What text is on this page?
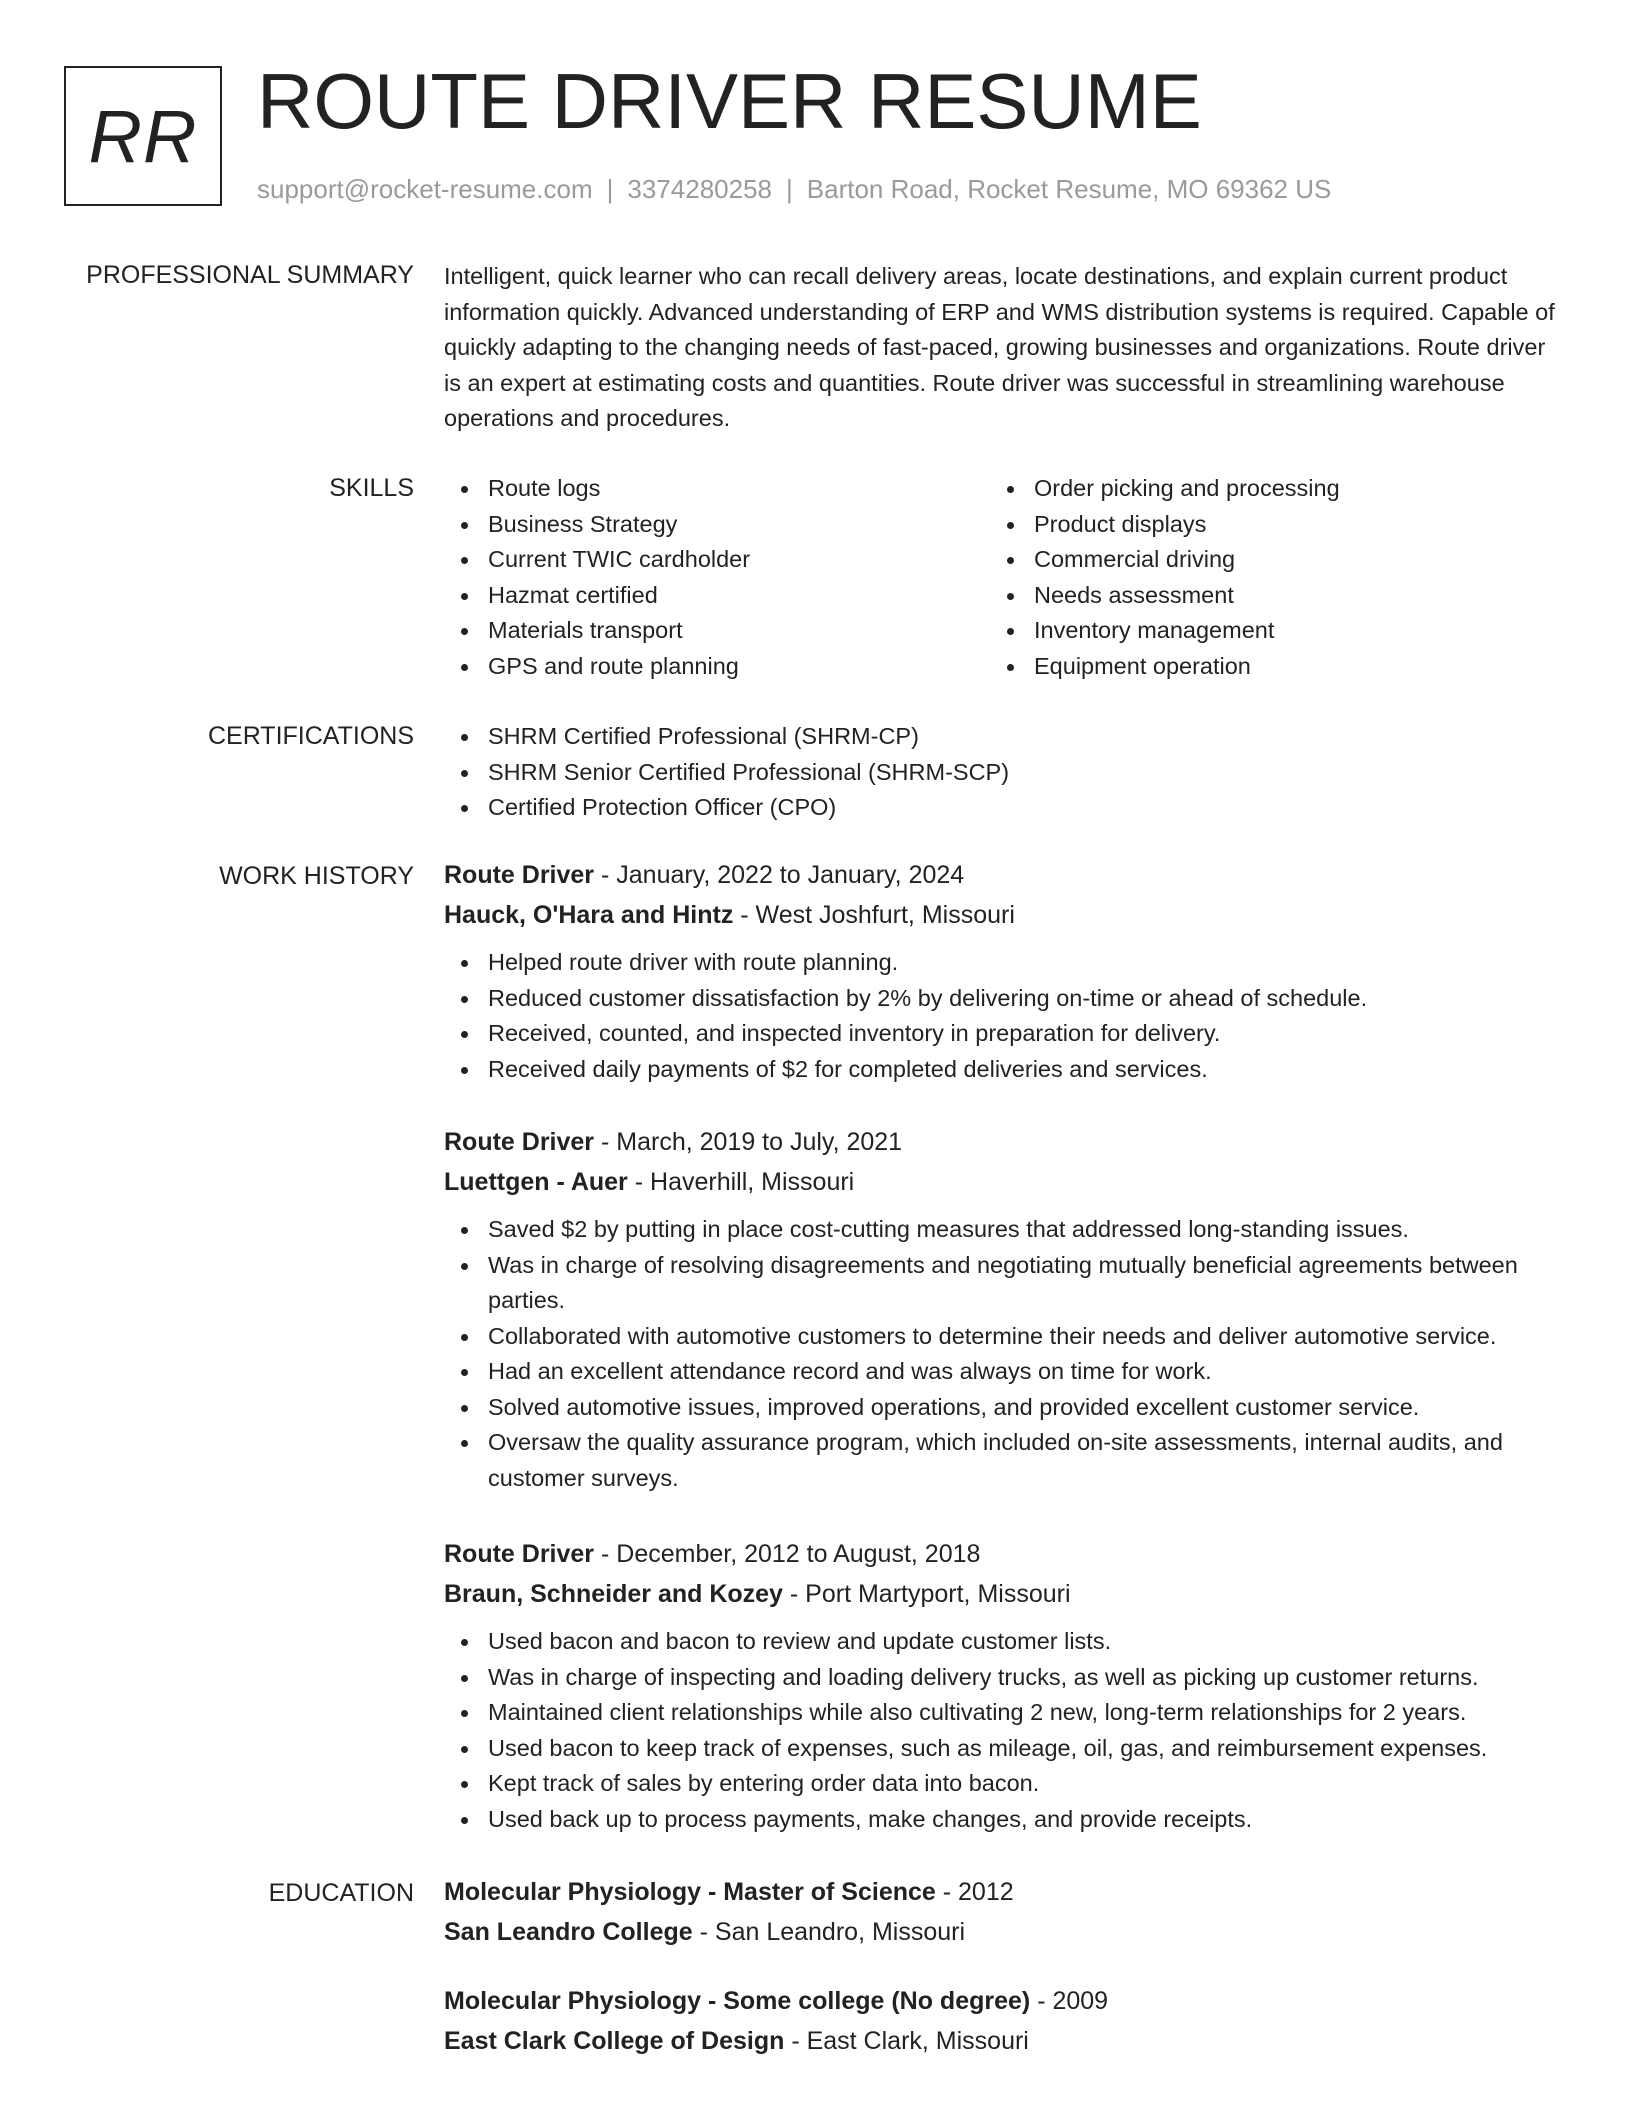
RR ROUTE DRIVER RESUME
support@rocket-resume.com | 3374280258 | Barton Road, Rocket Resume, MO 69362 US
PROFESSIONAL SUMMARY Intelligent, quick learner who can recall delivery areas, locate destinations, and explain current product information quickly. Advanced understanding of ERP and WMS distribution systems is required. Capable of quickly adapting to the changing needs of fast-paced, growing businesses and organizations. Route driver is an expert at estimating costs and quantities. Route driver was successful in streamlining warehouse operations and procedures.

SKILLS	Route logs
Business Strategy
Current TWIC cardholder
Hazmat certified
Materials transport
GPS and route planning
Order picking and processing
Product displays
Commercial driving
Needs assessment
Inventory management
Equipment operation
CERTIFICATIONS	SHRM Certified Professional (SHRM-CP)
SHRM Senior Certified Professional (SHRM-SCP)
Certified Protection Officer (CPO)
WORK HISTORY Route Driver - January, 2022 to January, 2024
Hauck, O'Hara and Hintz - West Joshfurt, Missouri
Helped route driver with route planning.
Reduced customer dissatisfaction by 2% by delivering on-time or ahead of schedule.
Received, counted, and inspected inventory in preparation for delivery.
Received daily payments of $2 for completed deliveries and services.
Route Driver - March, 2019 to July, 2021
Luettgen - Auer - Haverhill, Missouri
Saved $2 by putting in place cost-cutting measures that addressed long-standing issues.
Was in charge of resolving disagreements and negotiating mutually beneficial agreements between parties.
Collaborated with automotive customers to determine their needs and deliver automotive service.
Had an excellent attendance record and was always on time for work.
Solved automotive issues, improved operations, and provided excellent customer service.
Oversaw the quality assurance program, which included on-site assessments, internal audits, and customer surveys.
Route Driver - December, 2012 to August, 2018
Braun, Schneider and Kozey - Port Martyport, Missouri
Used bacon and bacon to review and update customer lists.
Was in charge of inspecting and loading delivery trucks, as well as picking up customer returns.
Maintained client relationships while also cultivating 2 new, long-term relationships for 2 years.
Used bacon to keep track of expenses, such as mileage, oil, gas, and reimbursement expenses.
Kept track of sales by entering order data into bacon.
Used back up to process payments, make changes, and provide receipts.
EDUCATION Molecular Physiology - Master of Science - 2012
San Leandro College - San Leandro, Missouri
Molecular Physiology - Some college (No degree) - 2009
East Clark College of Design - East Clark, Missouri
